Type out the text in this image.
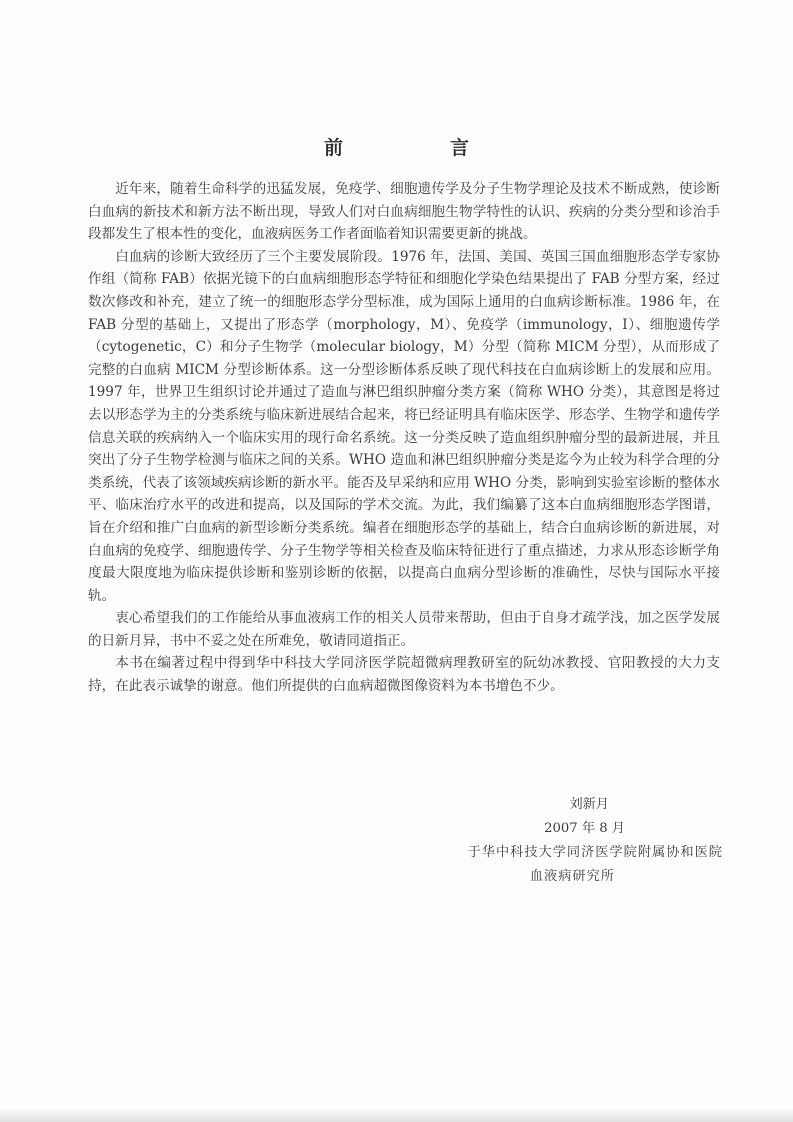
前　言

近年来，随着生命科学的迅猛发展，免疫学、细胞遗传学及分子生物学理论及技术不断成熟，使诊断白血病的新技术和新方法不断出现，导致人们对白血病细胞生物学特性的认识、疾病的分类分型和诊治手段都发生了根本性的变化，血液病医务工作者面临着知识需要更新的挑战。

白血病的诊断大致经历了三个主要发展阶段。1976 年，法国、美国、英国三国血细胞形态学专家协作组（简称 FAB）依据光镜下的白血病细胞形态学特征和细胞化学染色结果提出了 FAB 分型方案，经过数次修改和补充，建立了统一的细胞形态学分型标准，成为国际上通用的白血病诊断标准。1986 年，在 FAB 分型的基础上，又提出了形态学（morphology，M）、免疫学（immunology，I）、细胞遗传学（cytogenetic，C）和分子生物学（molecular biology，M）分型（简称 MICM 分型），从而形成了完整的白血病 MICM 分型诊断体系。这一分型诊断体系反映了现代科技在白血病诊断上的发展和应用。1997 年，世界卫生组织讨论并通过了造血与淋巴组织肿瘤分类方案（简称 WHO 分类），其意图是将过去以形态学为主的分类系统与临床新进展结合起来，将已经证明具有临床医学、形态学、生物学和遗传学信息关联的疾病纳入一个临床实用的现行命名系统。这一分类反映了造血组织肿瘤分型的最新进展，并且突出了分子生物学检测与临床之间的关系。WHO 造血和淋巴组织肿瘤分类是迄今为止较为科学合理的分类系统，代表了该领域疾病诊断的新水平。能否及早采纳和应用 WHO 分类，影响到实验室诊断的整体水平、临床治疗水平的改进和提高，以及国际的学术交流。为此，我们编纂了这本白血病细胞形态学图谱，旨在介绍和推广白血病的新型诊断分类系统。编者在细胞形态学的基础上，结合白血病诊断的新进展，对白血病的免疫学、细胞遗传学、分子生物学等相关检查及临床特征进行了重点描述，力求从形态诊断学角度最大限度地为临床提供诊断和鉴别诊断的依据，以提高白血病分型诊断的准确性，尽快与国际水平接轨。

衷心希望我们的工作能给从事血液病工作的相关人员带来帮助，但由于自身才疏学浅，加之医学发展的日新月异，书中不妥之处在所难免，敬请同道指正。

本书在编著过程中得到华中科技大学同济医学院超微病理教研室的阮幼冰教授、官阳教授的大力支持，在此表示诚挚的谢意。他们所提供的白血病超微图像资料为本书增色不少。

刘新月
2007 年 8 月
于华中科技大学同济医学院附属协和医院
血液病研究所
